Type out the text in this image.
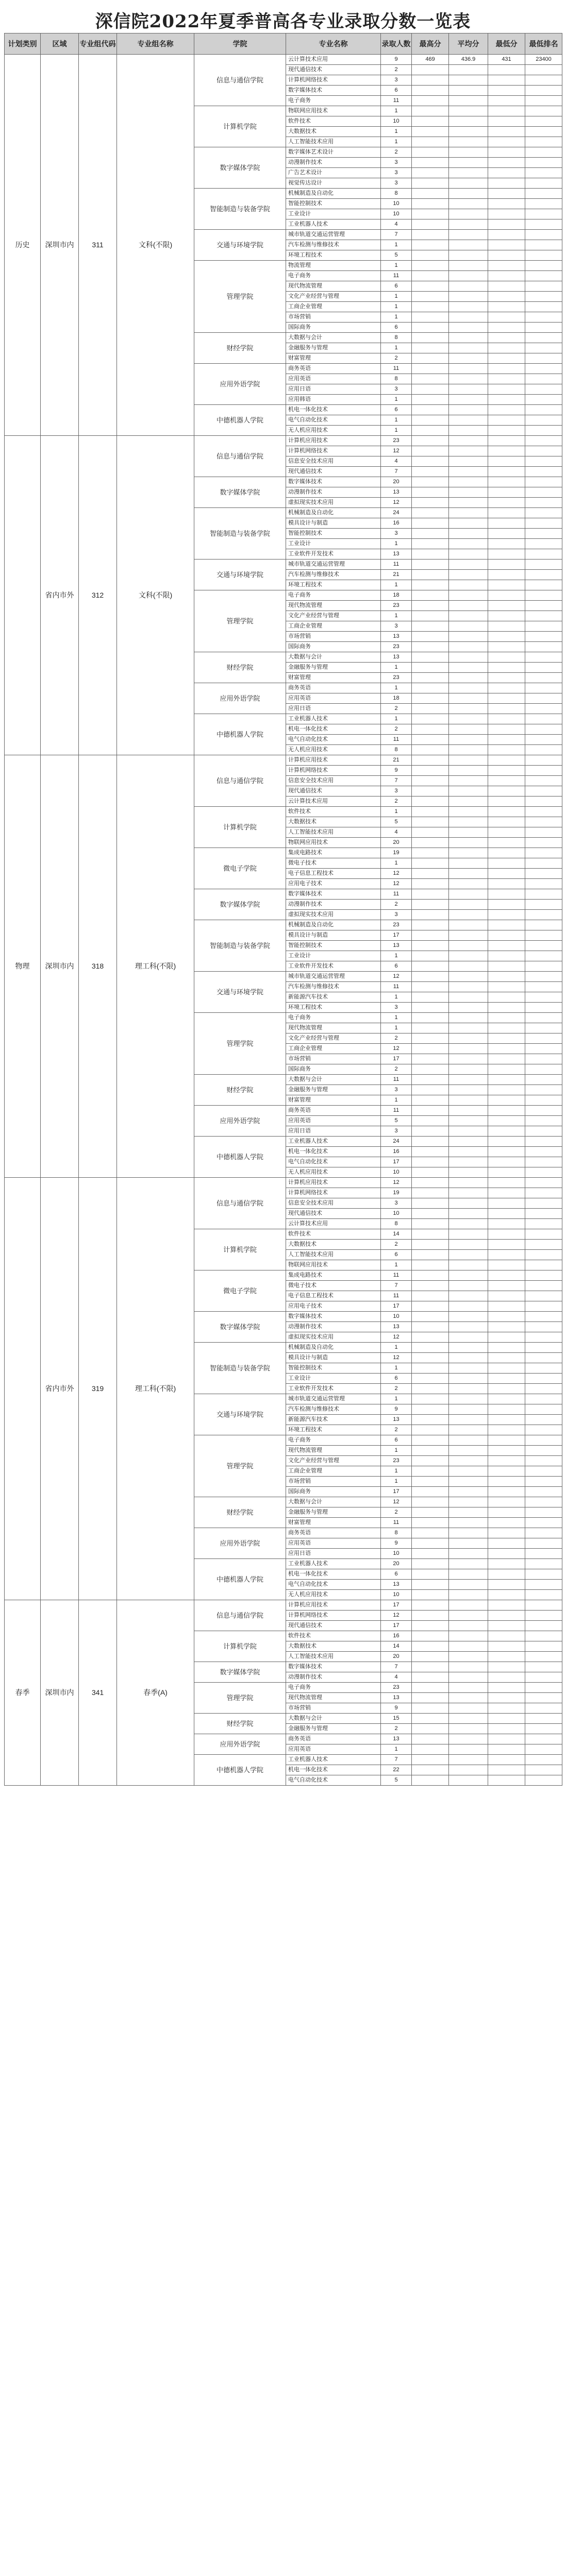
深信院2022年夏季普高各专业录取分数一览表
计划类别	区域	专业组代码	专业组名称	学院	专业名称	录取人数	最高分	平均分	最低分	最低排名
历史	深圳市内	311	文科(不限)	信息与通信学院	云计算技术应用	9	469	436.9	431	23400
					现代通信技术	2				
					计算机网络技术	3				
					数字媒体技术	6				
					电子商务	11				
				计算机学院	物联网应用技术	1				
					软件技术	10				
					大数据技术	1				
					人工智能技术应用	1				
				数字媒体学院	数字媒体艺术设计	2				
					动漫制作技术	3				
					广告艺术设计	3				
					视觉传达设计	3				
				智能制造与装备学院	机械制造及自动化	8				
					智能控制技术	10				
					工业设计	10				
					工业机器人技术	4				
				交通与环境学院	城市轨道交通运营管理	7				
					汽车检测与维修技术	1				
					环境工程技术	5				
				管理学院	物流管理	1				
					电子商务	11				
					现代物流管理	6				
					文化产业经营与管理	1				
					工商企业管理	1				
					市场营销	1				
					国际商务	6				
				财经学院	大数据与会计	8				
					金融服务与管理	1				
					财富管理	2				
				应用外语学院	商务英语	11				
					应用英语	8				
					应用日语	3				
					应用韩语	1				
				中德机器人学院	机电一体化技术	6				
					电气自动化技术	1				
					无人机应用技术	1				
	省内市外	312	文科(不限)	信息与通信学院	计算机应用技术	23				
					计算机网络技术	12				
					信息安全技术应用	4				
					现代通信技术	7				
				数字媒体学院	数字媒体技术	20				
					动漫制作技术	13				
					虚拟现实技术应用	12				
				智能制造与装备学院	机械制造及自动化	24				
					模具设计与制造	16				
					智能控制技术	3				
					工业设计	1				
					工业软件开发技术	13				
				交通与环境学院	城市轨道交通运营管理	11				
					汽车检测与维修技术	21				
					环境工程技术	1				
				管理学院	电子商务	18				
					现代物流管理	23				
					文化产业经营与管理	1				
					工商企业管理	3				
					市场营销	13				
					国际商务	23				
				财经学院	大数据与会计	13				
					金融服务与管理	1				
					财富管理	23				
				应用外语学院	商务英语	1				
					应用英语	18				
					应用日语	2				
				中德机器人学院	工业机器人技术	1				
					机电一体化技术	2				
					电气自动化技术	11				
					无人机应用技术	8				
物理	深圳市内	318	理工科(不限)	信息与通信学院	计算机应用技术	21				
					计算机网络技术	9				
					信息安全技术应用	7				
					现代通信技术	3				
					云计算技术应用	2				
				计算机学院	软件技术	1				
					大数据技术	5				
					人工智能技术应用	4				
					物联网应用技术	20				
				微电子学院	集成电路技术	19				
					微电子技术	1				
					电子信息工程技术	12				
					应用电子技术	12				
				数字媒体学院	数字媒体技术	11				
					动漫制作技术	2				
					虚拟现实技术应用	3				
				智能制造与装备学院	机械制造及自动化	23				
					模具设计与制造	17				
					智能控制技术	13				
					工业设计	1				
					工业软件开发技术	6				
				交通与环境学院	城市轨道交通运营管理	12				
					汽车检测与维修技术	11				
					新能源汽车技术	1				
					环境工程技术	3				
				管理学院	电子商务	1				
					现代物流管理	1				
					文化产业经营与管理	2				
					工商企业管理	12				
					市场营销	17				
					国际商务	2				
				财经学院	大数据与会计	11				
					金融服务与管理	3				
					财富管理	1				
				应用外语学院	商务英语	11				
					应用英语	5				
					应用日语	3				
				中德机器人学院	工业机器人技术	24				
					机电一体化技术	16				
					电气自动化技术	17				
					无人机应用技术	10				
	省内市外	319	理工科(不限)	信息与通信学院	计算机应用技术	12				
					计算机网络技术	19				
					信息安全技术应用	3				
					现代通信技术	10				
					云计算技术应用	8				
				计算机学院	软件技术	14				
					大数据技术	2				
					人工智能技术应用	6				
					物联网应用技术	1				
				微电子学院	集成电路技术	11				
					微电子技术	7				
					电子信息工程技术	11				
					应用电子技术	17				
				数字媒体学院	数字媒体技术	10				
					动漫制作技术	13				
					虚拟现实技术应用	12				
				智能制造与装备学院	机械制造及自动化	1				
					模具设计与制造	12				
					智能控制技术	1				
					工业设计	6				
					工业软件开发技术	2				
				交通与环境学院	城市轨道交通运营管理	1				
					汽车检测与维修技术	9				
					新能源汽车技术	13				
					环境工程技术	2				
				管理学院	电子商务	6				
					现代物流管理	1				
					文化产业经营与管理	23				
					工商企业管理	1				
					市场营销	1				
					国际商务	17				
				财经学院	大数据与会计	12				
					金融服务与管理	2				
					财富管理	11				
				应用外语学院	商务英语	8				
					应用英语	9				
					应用日语	10				
				中德机器人学院	工业机器人技术	20				
					机电一体化技术	6				
					电气自动化技术	13				
					无人机应用技术	10				
春季	深圳市内	341	春季(A)	信息与通信学院	计算机应用技术	17				
					计算机网络技术	12				
					现代通信技术	17				
				计算机学院	软件技术	16				
					大数据技术	14				
					人工智能技术应用	20				
				数字媒体学院	数字媒体技术	7				
					动漫制作技术	4				
				管理学院	电子商务	23				
					现代物流管理	13				
					市场营销	9				
				财经学院	大数据与会计	15				
					金融服务与管理	2				
				应用外语学院	商务英语	13				
					应用英语	1				
				中德机器人学院	工业机器人技术	7				
					机电一体化技术	22				
					电气自动化技术	5				
